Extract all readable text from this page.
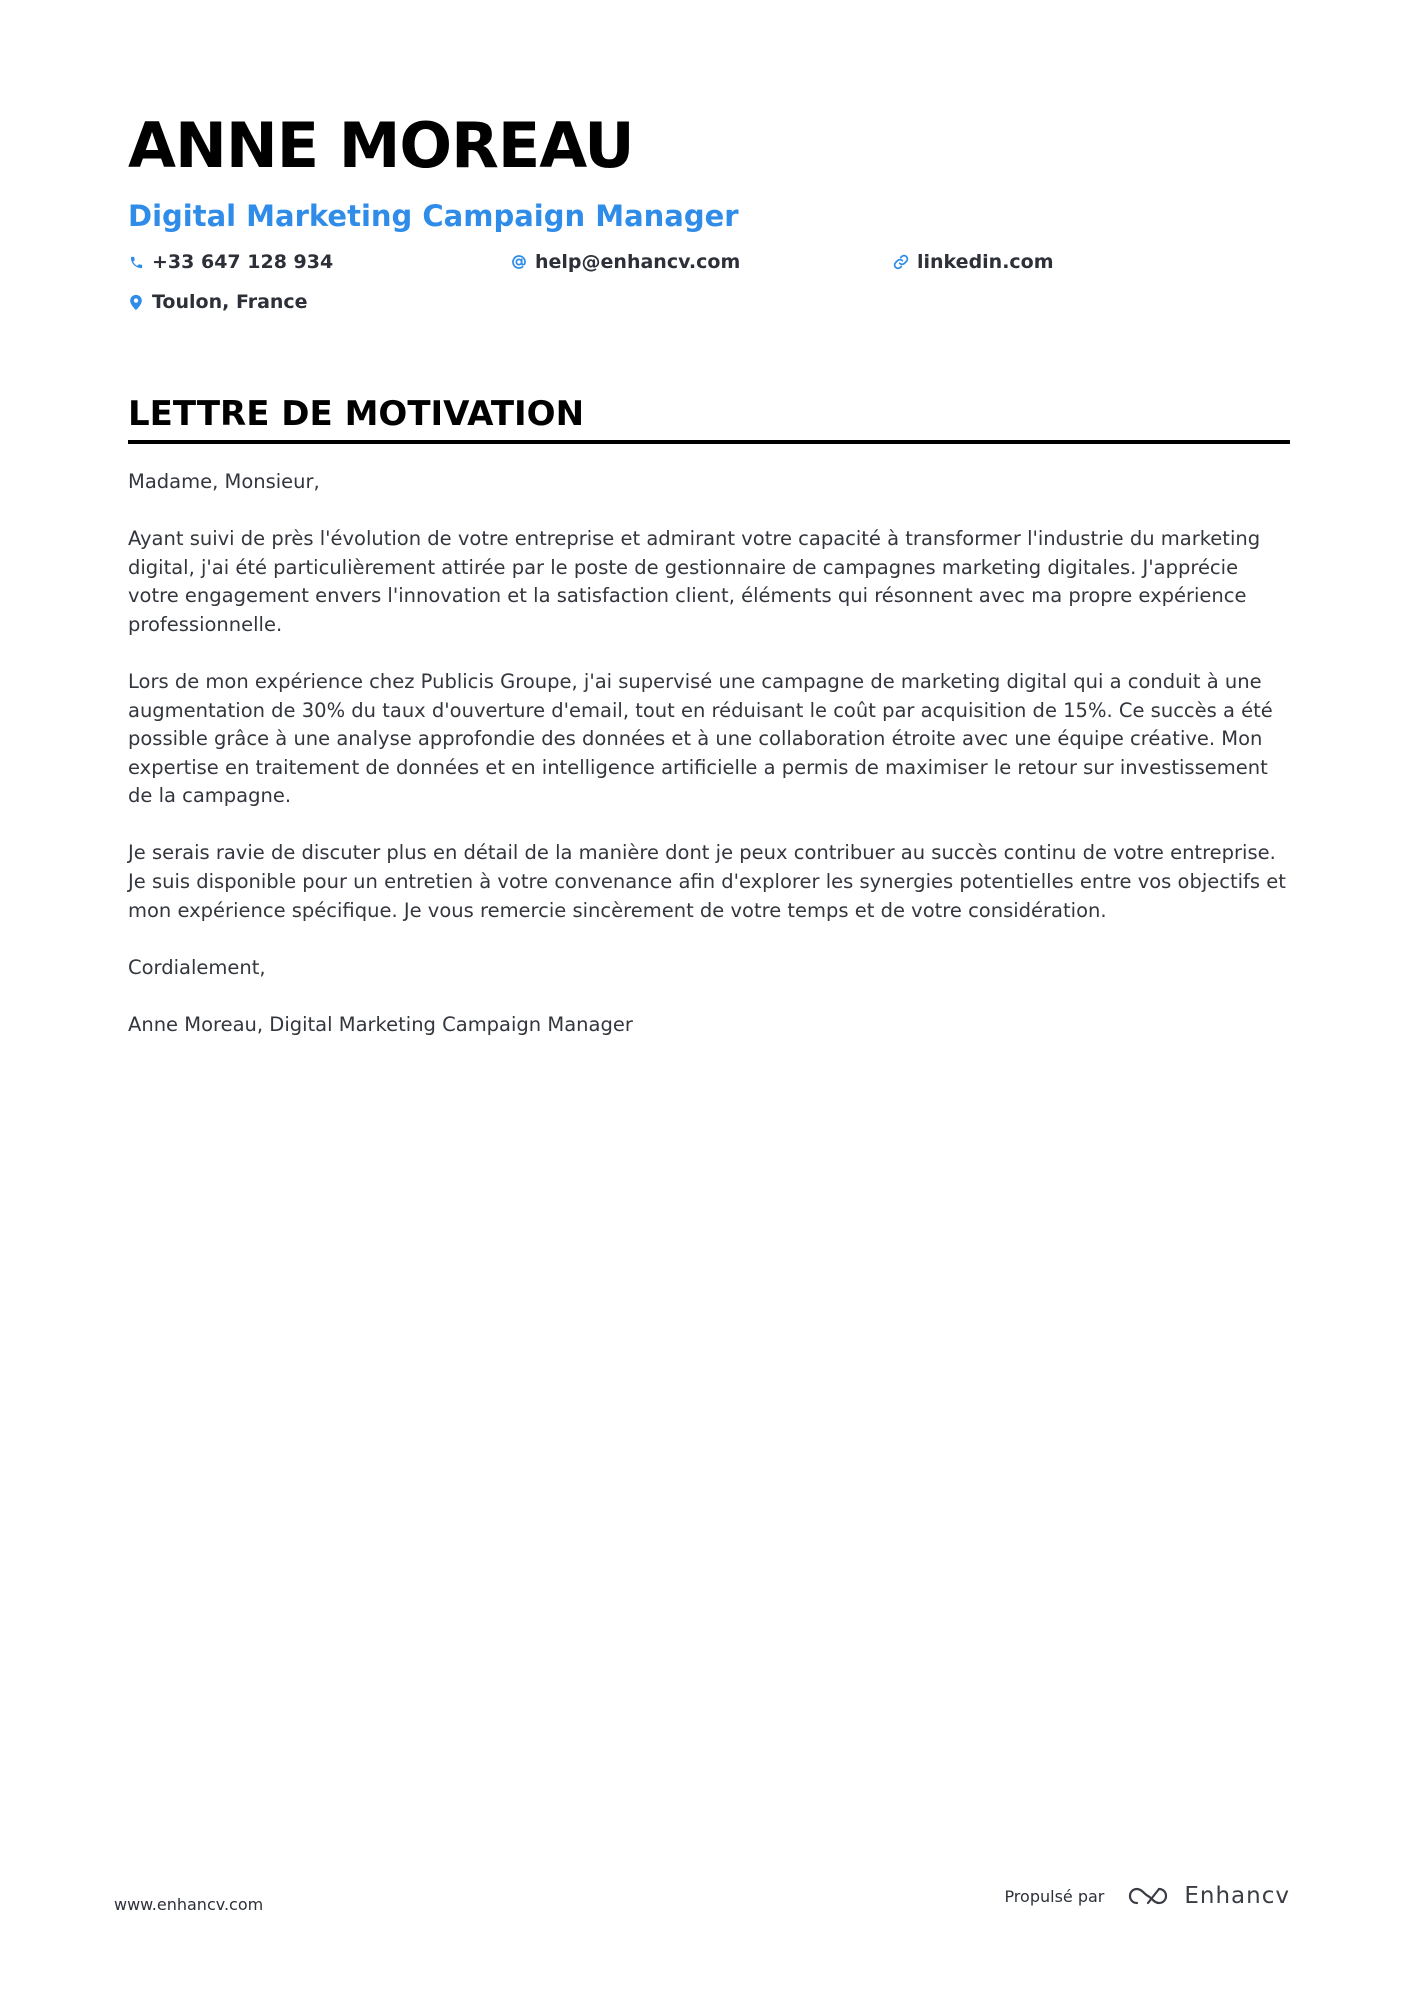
ANNE MOREAU
Digital Marketing Campaign Manager
+33 647 128 934	help@enhancv.com	linkedin.com
Toulon, France
LETTRE DE MOTIVATION

Madame, Monsieur,

Ayant suivi de près l'évolution de votre entreprise et admirant votre capacité à transformer l'industrie du marketing digital, j'ai été particulièrement attirée par le poste de gestionnaire de campagnes marketing digitales. J'apprécie votre engagement envers l'innovation et la satisfaction client, éléments qui résonnent avec ma propre expérience professionnelle.

Lors de mon expérience chez Publicis Groupe, j'ai supervisé une campagne de marketing digital qui a conduit à une augmentation de 30% du taux d'ouverture d'email, tout en réduisant le coût par acquisition de 15%. Ce succès a été possible grâce à une analyse approfondie des données et à une collaboration étroite avec une équipe créative. Mon expertise en traitement de données et en intelligence artificielle a permis de maximiser le retour sur investissement de la campagne.

Je serais ravie de discuter plus en détail de la manière dont je peux contribuer au succès continu de votre entreprise. Je suis disponible pour un entretien à votre convenance afin d'explorer les synergies potentielles entre vos objectifs et mon expérience spécifique. Je vous remercie sincèrement de votre temps et de votre considération.

Cordialement,

Anne Moreau, Digital Marketing Campaign Manager

www.enhancv.com	Propulsé par	Enhancv
